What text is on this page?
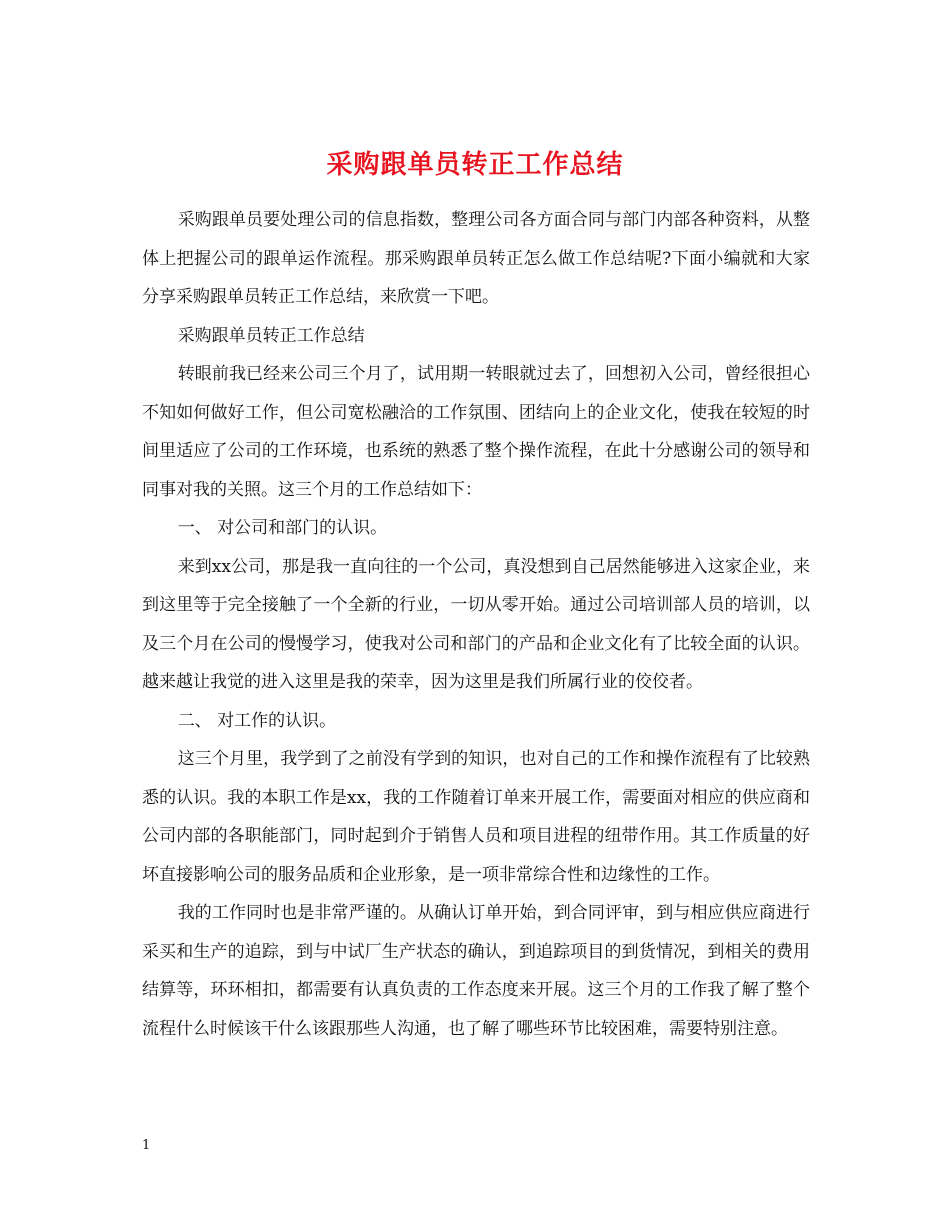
采购跟单员转正工作总结

采购跟单员要处理公司的信息指数，整理公司各方面合同与部门内部各种资料，从整体上把握公司的跟单运作流程。那采购跟单员转正怎么做工作总结呢?下面小编就和大家分享采购跟单员转正工作总结，来欣赏一下吧。

采购跟单员转正工作总结

转眼前我已经来公司三个月了，试用期一转眼就过去了，回想初入公司，曾经很担心不知如何做好工作，但公司宽松融洽的工作氛围、团结向上的企业文化，使我在较短的时间里适应了公司的工作环境，也系统的熟悉了整个操作流程，在此十分感谢公司的领导和同事对我的关照。这三个月的工作总结如下：

一、 对公司和部门的认识。

来到xx公司，那是我一直向往的一个公司，真没想到自己居然能够进入这家企业，来到这里等于完全接触了一个全新的行业，一切从零开始。通过公司培训部人员的培训，以及三个月在公司的慢慢学习，使我对公司和部门的产品和企业文化有了比较全面的认识。 越来越让我觉的进入这里是我的荣幸，因为这里是我们所属行业的佼佼者。

二、 对工作的认识。

这三个月里，我学到了之前没有学到的知识，也对自己的工作和操作流程有了比较熟悉的认识。我的本职工作是xx，我的工作随着订单来开展工作，需要面对相应的供应商和公司内部的各职能部门，同时起到介于销售人员和项目进程的纽带作用。其工作质量的好坏直接影响公司的服务品质和企业形象，是一项非常综合性和边缘性的工作。

我的工作同时也是非常严谨的。从确认订单开始，到合同评审，到与相应供应商进行采买和生产的追踪，到与中试厂生产状态的确认，到追踪项目的到货情况，到相关的费用结算等，环环相扣，都需要有认真负责的工作态度来开展。这三个月的工作我了解了整个流程什么时候该干什么该跟那些人沟通，也了解了哪些环节比较困难，需要特别注意。

1
